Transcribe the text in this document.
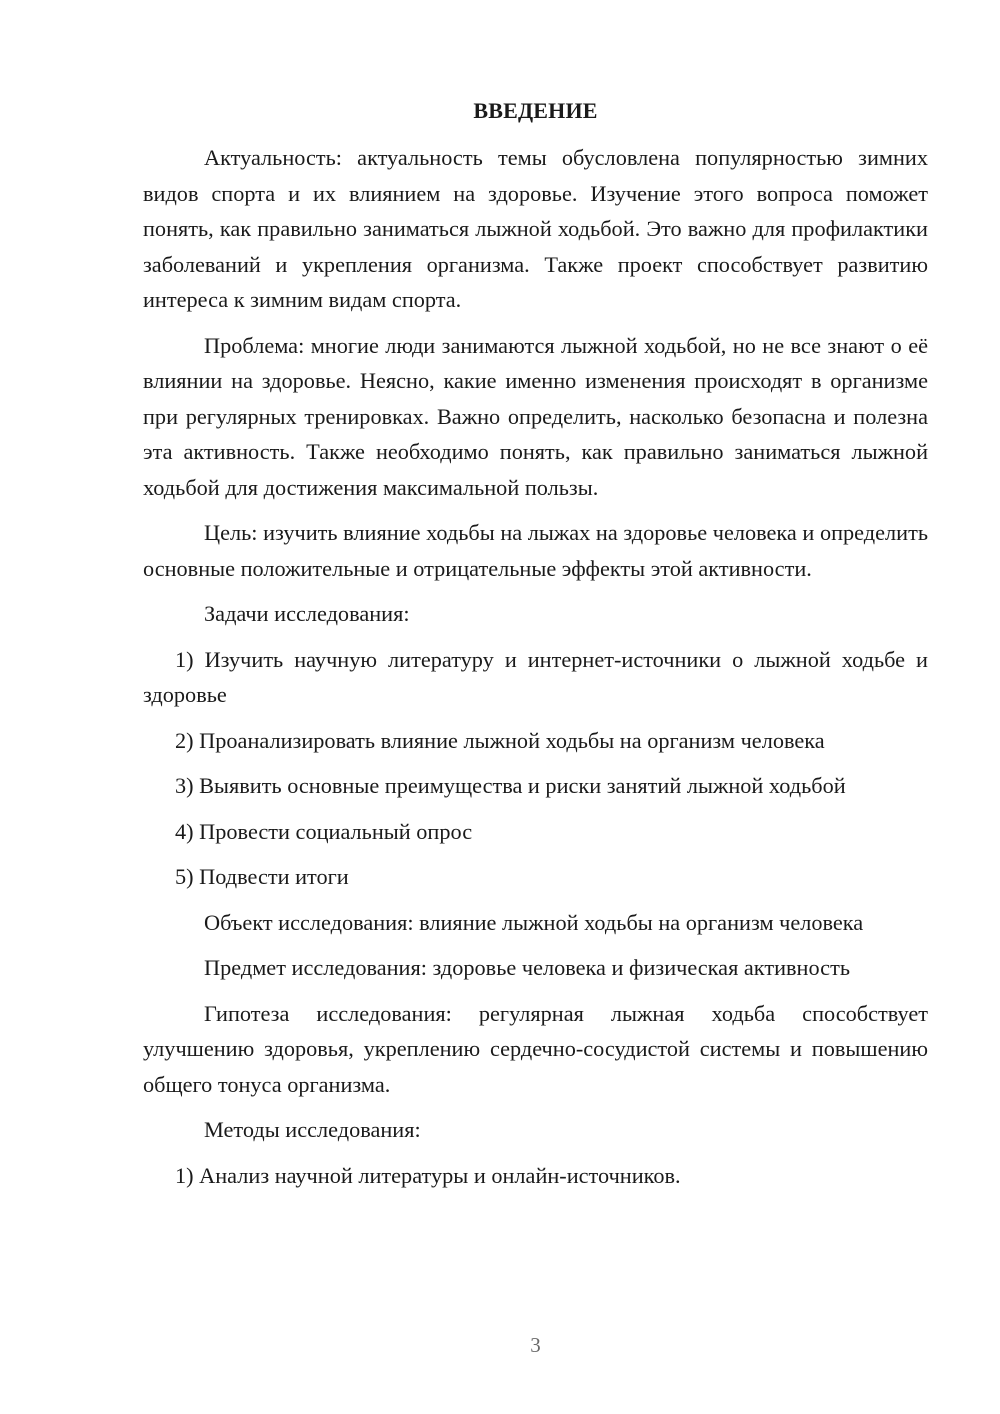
ВВЕДЕНИЕ

Актуальность: актуальность темы обусловлена популярностью зимних видов спорта и их влиянием на здоровье. Изучение этого вопроса поможет понять, как правильно заниматься лыжной ходьбой. Это важно для профилактики заболеваний и укрепления организма. Также проект способствует развитию интереса к зимним видам спорта.

Проблема: многие люди занимаются лыжной ходьбой, но не все знают о её влиянии на здоровье. Неясно, какие именно изменения происходят в организме при регулярных тренировках. Важно определить, насколько безопасна и полезна эта активность. Также необходимо понять, как правильно заниматься лыжной ходьбой для достижения максимальной пользы.

Цель: изучить влияние ходьбы на лыжах на здоровье человека и определить основные положительные и отрицательные эффекты этой активности.

Задачи исследования:

1) Изучить научную литературу и интернет-источники о лыжной ходьбе и здоровье

2) Проанализировать влияние лыжной ходьбы на организм человека

3) Выявить основные преимущества и риски занятий лыжной ходьбой

4) Провести социальный опрос

5) Подвести итоги

Объект исследования: влияние лыжной ходьбы на организм человека

Предмет исследования: здоровье человека и физическая активность

Гипотеза исследования: регулярная лыжная ходьба способствует улучшению здоровья, укреплению сердечно-сосудистой системы и повышению общего тонуса организма.

Методы исследования:

1) Анализ научной литературы и онлайн-источников.

3
